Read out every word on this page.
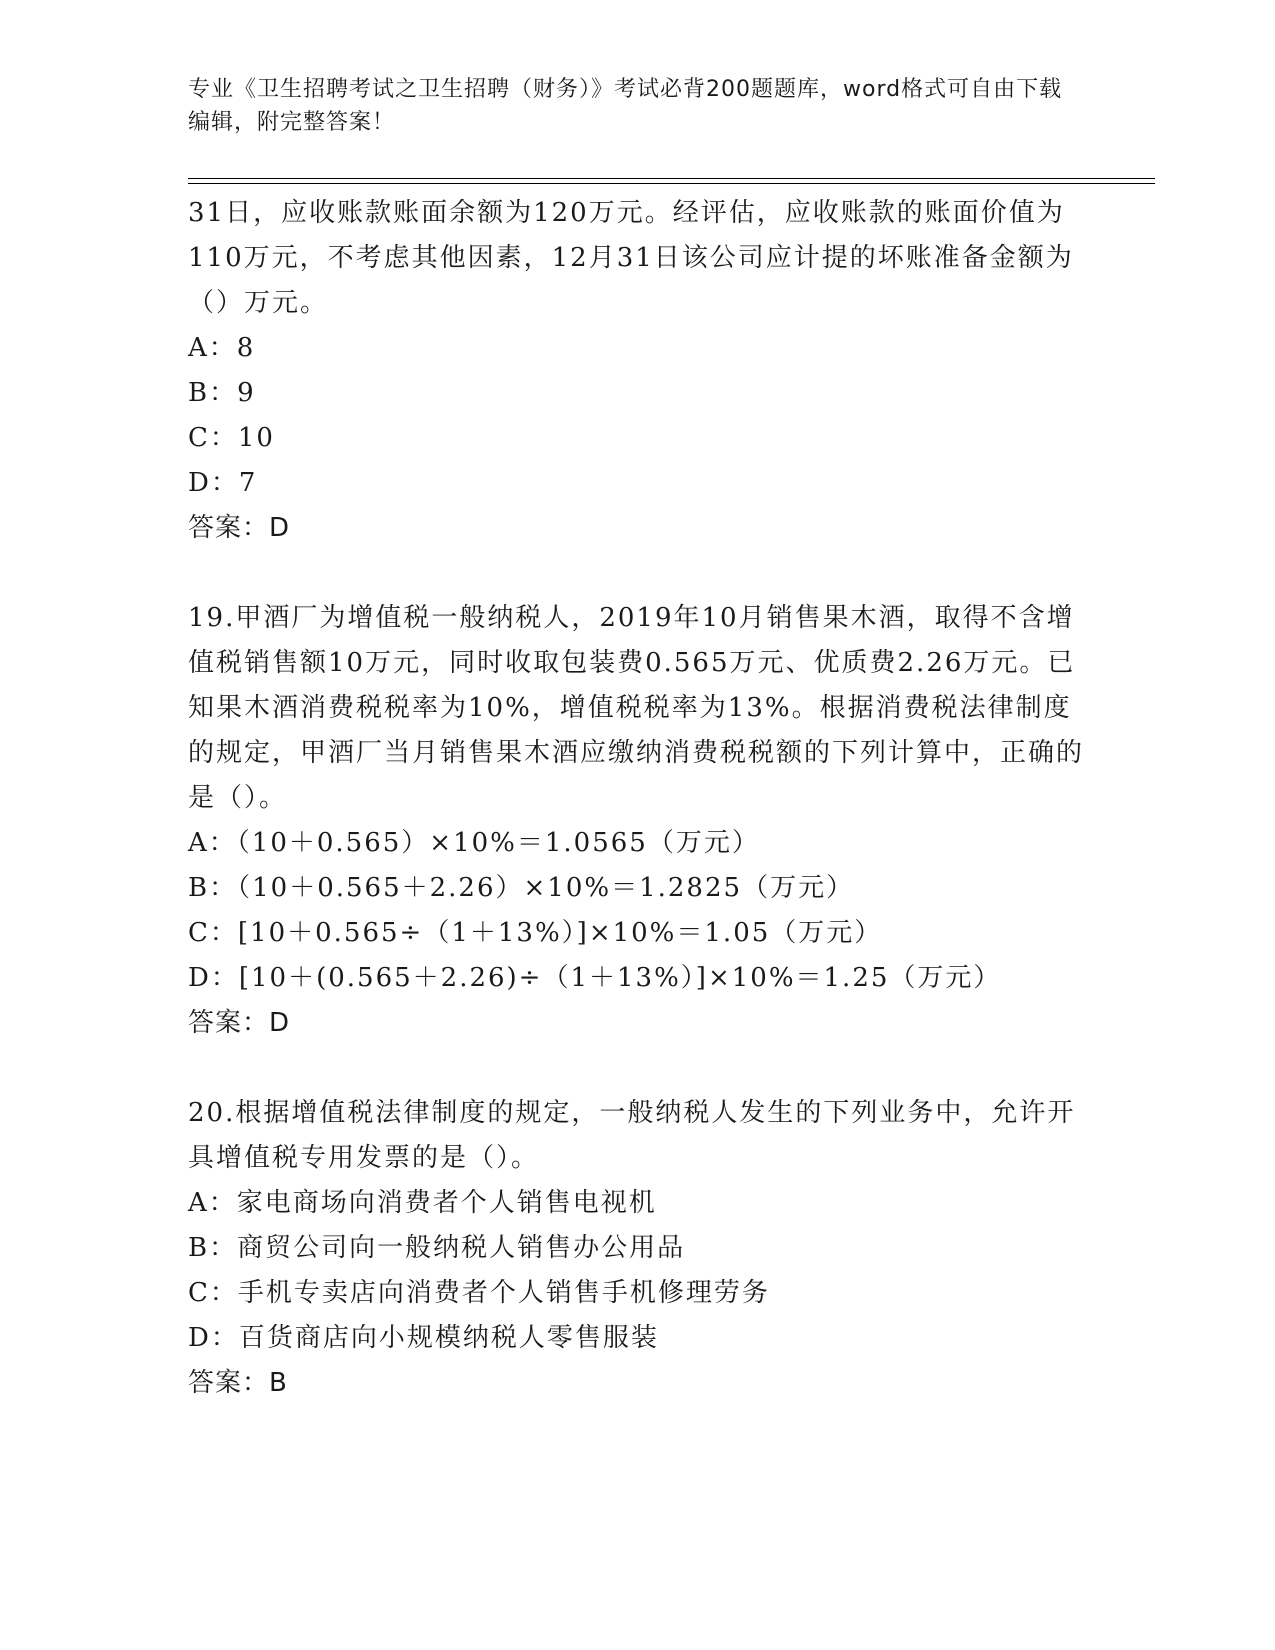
专业《卫生招聘考试之卫生招聘（财务）》考试必背200题题库，word格式可自由下载编辑，附完整答案！

31日，应收账款账面余额为120万元。经评估，应收账款的账面价值为110万元，不考虑其他因素，12月31日该公司应计提的坏账准备金额为（）万元。

A：8

B：9

C：10

D：7

答案：D

19.甲酒厂为增值税一般纳税人，2019年10月销售果木酒，取得不含增值税销售额10万元，同时收取包装费0.565万元、优质费2.26万元。已知果木酒消费税税率为10%，增值税税率为13%。根据消费税法律制度的规定，甲酒厂当月销售果木酒应缴纳消费税税额的下列计算中，正确的是（）。

A：（10＋0.565）×10%＝1.0565（万元）

B：（10＋0.565＋2.26）×10%＝1.2825（万元）

C：[10＋0.565÷（1＋13%）]×10%＝1.05（万元）

D：[10＋(0.565＋2.26)÷（1＋13%）]×10%＝1.25（万元）

答案：D

20.根据增值税法律制度的规定，一般纳税人发生的下列业务中，允许开具增值税专用发票的是（）。

A：家电商场向消费者个人销售电视机

B：商贸公司向一般纳税人销售办公用品

C：手机专卖店向消费者个人销售手机修理劳务

D：百货商店向小规模纳税人零售服装

答案：B
